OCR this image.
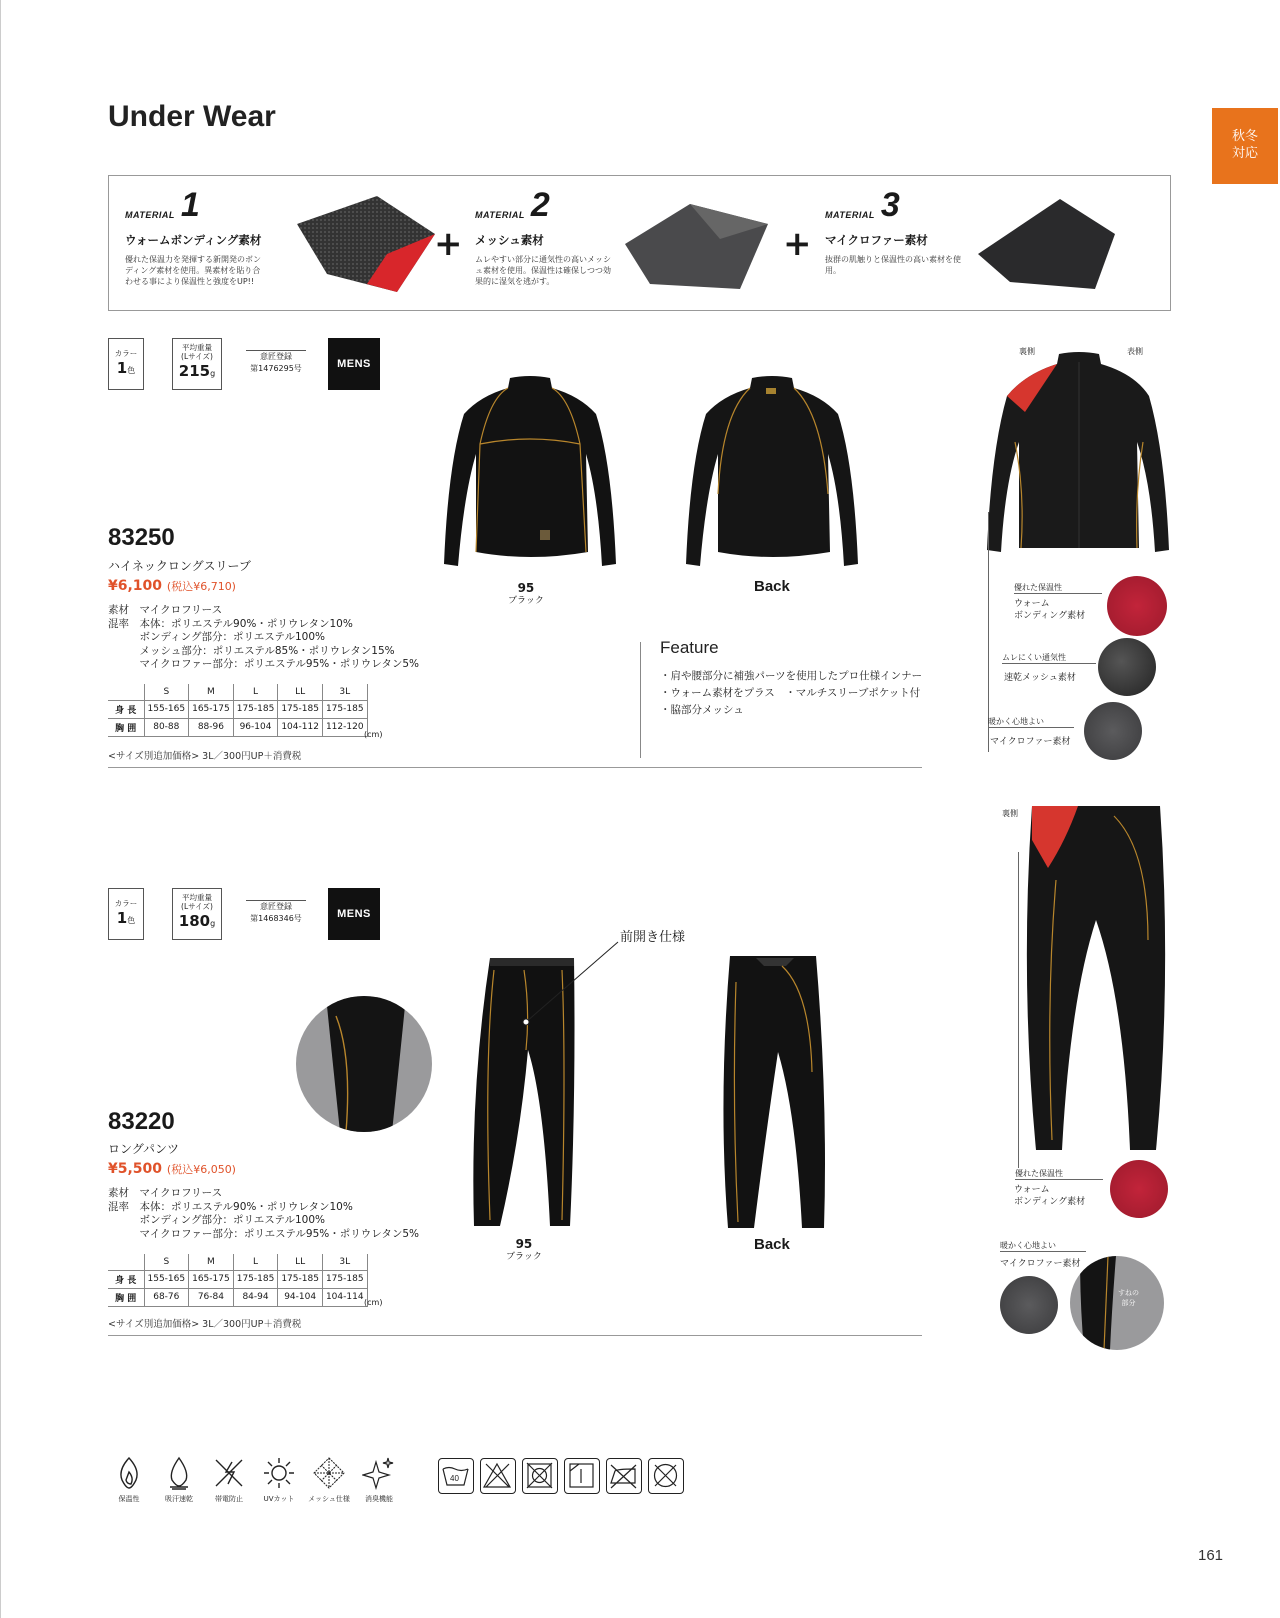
Under Wear
秋冬
対応
MATERIAL 1
ウォームボンディング素材
優れた保温力を発揮する新開発のボンディング素材を使用。異素材を貼り合わせる事により保温性と強度をUP!!
+
MATERIAL 2
メッシュ素材
ムレやすい部分に通気性の高いメッシュ素材を使用。保温性は確保しつつ効果的に湿気を逃がす。
+
MATERIAL 3
マイクロファー素材
抜群の肌触りと保温性の高い素材を使用。
カラー
1色
平均重量
(Lサイズ)
215g
意匠登録
第1476295号	MENS
83250
ハイネックロングスリーブ
¥6,100 (税込¥6,710)
素材　マイクロフリース
混率　本体：ポリエステル90%・ポリウレタン10%
　　　ボンディング部分：ポリエステル100%
　　　メッシュ部分：ポリエステル85%・ポリウレタン15%
　　　マイクロファー部分：ポリエステル95%・ポリウレタン5%
	S	M	L	LL	3L
身 長	155-165	165-175	175-185	175-185	175-185
胸 囲	80-88	88-96	96-104	104-112	112-120
(cm)
<サイズ別追加価格> 3L／300円UP＋消費税
95
ブラック
Back
Feature
・肩や腰部分に補強パーツを使用したプロ仕様インナー
・ウォーム素材をプラス　・マルチスリーブポケット付
・脇部分メッシュ
裏側	表側
優れた保温性
ウォーム
ボンディング素材
ムレにくい通気性
速乾メッシュ素材
暖かく心地よい
マイクロファー素材
カラー
1色
平均重量
(Lサイズ)
180g
意匠登録
第1468346号	MENS
83220
ロングパンツ
¥5,500 (税込¥6,050)
素材　マイクロフリース
混率　本体：ポリエステル90%・ポリウレタン10%
　　　ボンディング部分：ポリエステル100%
　　　マイクロファー部分：ポリエステル95%・ポリウレタン5%
	S	M	L	LL	3L
身 長	155-165	165-175	175-185	175-185	175-185
胸 囲	68-76	76-84	84-94	94-104	104-114
(cm)
<サイズ別追加価格> 3L／300円UP＋消費税
前開き仕様
95
ブラック
Back
裏側
優れた保温性
ウォーム
ボンディング素材
暖かく心地よい
マイクロファー素材
すねの
部分
保温性	吸汗速乾	帯電防止	UVカット	メッシュ仕様	消臭機能
40
161
